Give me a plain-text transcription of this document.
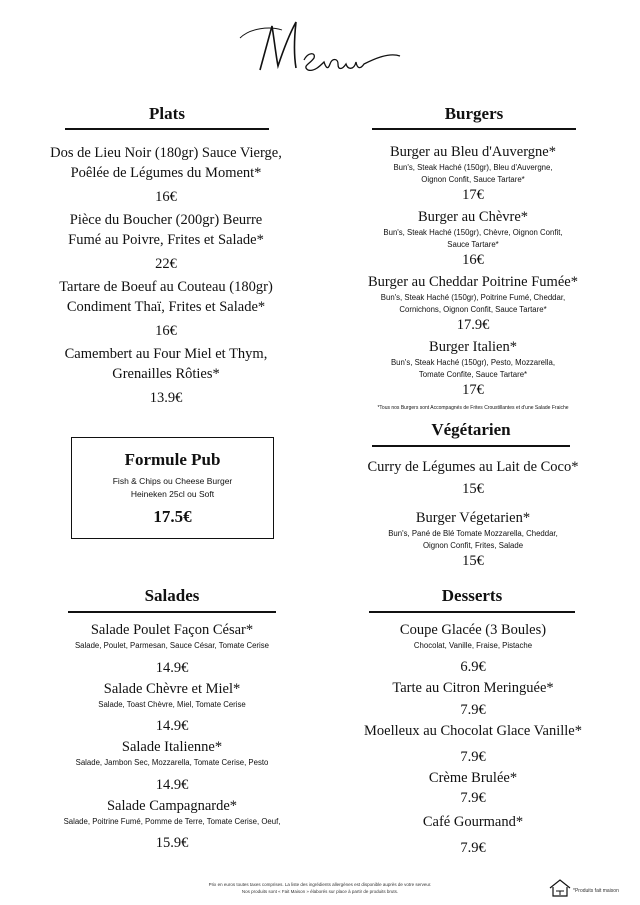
Plats
Dos de Lieu Noir (180gr) Sauce Vierge,
Poêlée de Légumes du Moment*
16€
Pièce du Boucher (200gr) Beurre
Fumé au Poivre, Frites et Salade*
22€
Tartare de Boeuf au Couteau (180gr)
Condiment Thaï, Frites et Salade*
16€
Camembert au Four Miel et Thym,
Grenailles Rôties*
13.9€
Formule Pub
Fish & Chips ou Cheese Burger
Heineken 25cl ou Soft
17.5€
Burgers
Burger au Bleu d'Auvergne*
Bun's, Steak Haché (150gr), Bleu d'Auvergne,
Oignon Confit, Sauce Tartare*
17€
Burger au Chèvre*
Bun's, Steak Haché (150gr), Chèvre, Oignon Confit,
Sauce Tartare*
16€
Burger au Cheddar Poitrine Fumée*
Bun's, Steak Haché (150gr), Poitrine Fumé, Cheddar,
Cornichons, Oignon Confit, Sauce Tartare*
17.9€
Burger Italien*
Bun's, Steak Haché (150gr), Pesto, Mozzarella,
Tomate Confite, Sauce Tartare*
17€
*Tous nos Burgers sont Accompagnés de Frites Croustillantes et d'une Salade Fraiche
Végétarien
Curry de Légumes au Lait de Coco*
15€
Burger Végetarien*
Bun's, Pané de Blé Tomate Mozzarella, Cheddar,
Oignon Confit, Frites, Salade
15€
Salades
Salade Poulet Façon César*
Salade, Poulet, Parmesan, Sauce César, Tomate Cerise
14.9€
Salade Chèvre et Miel*
Salade, Toast Chèvre, Miel, Tomate Cerise
14.9€
Salade Italienne*
Salade, Jambon Sec, Mozzarella, Tomate Cerise, Pesto
14.9€
Salade Campagnarde*
Salade, Poitrine Fumé, Pomme de Terre, Tomate Cerise, Oeuf,
15.9€
Desserts
Coupe Glacée (3 Boules)
Chocolat, Vanille, Fraise, Pistache
6.9€
Tarte au Citron Meringuée*
7.9€
Moelleux au Chocolat Glace Vanille*
7.9€
Crème Brulée*
7.9€
Café Gourmand*
7.9€
Prix en euros toutes taxes comprises. La liste des ingrédients allergènes est disponible auprès de votre serveur.
Nos produits sont « Fait Maison » élaborés sur place à partir de produits bruts.	*Produits fait maison
